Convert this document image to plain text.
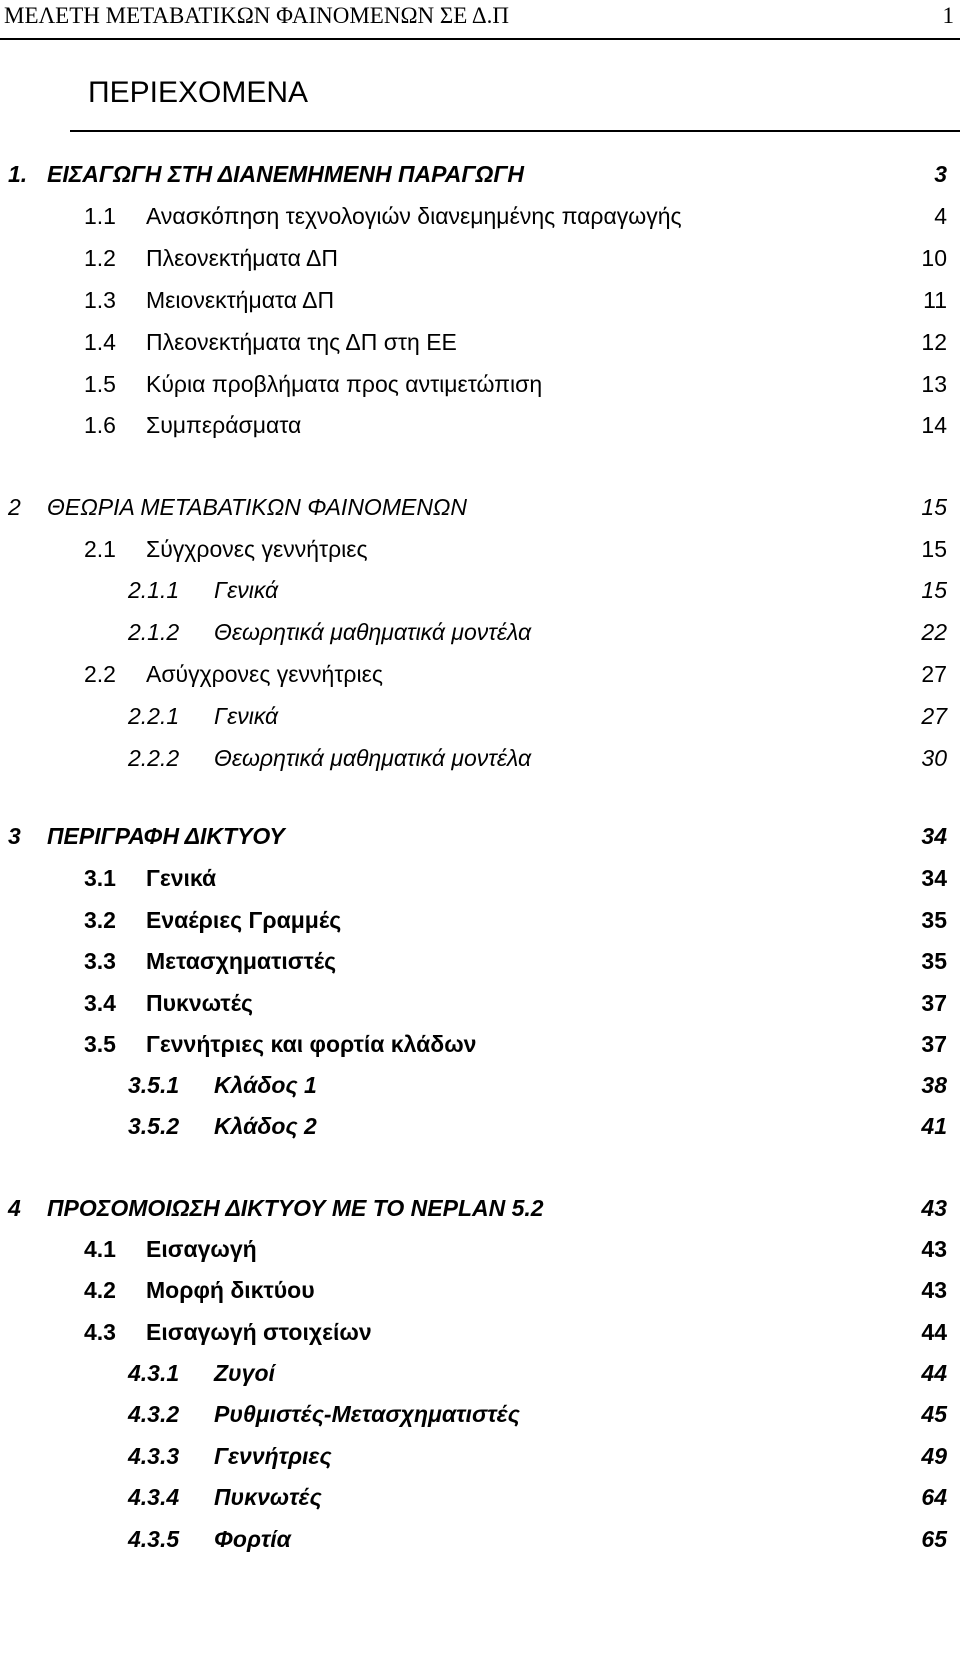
ΜΕΛΕΤΗ ΜΕΤΑΒΑΤΙΚΩΝ ΦΑΙΝΟΜΕΝΩΝ ΣΕ Δ.Π	1
ΠΕΡΙΕΧΟΜΕΝΑ
1. ΕΙΣΑΓΩΓΗ ΣΤΗ ΔΙΑΝΕΜΗΜΕΝΗ ΠΑΡΑΓΩΓΗ	3
1.1 Ανασκόπηση τεχνολογιών διανεμημένης παραγωγής	4
1.2 Πλεονεκτήματα ΔΠ	10
1.3 Μειονεκτήματα ΔΠ	11
1.4 Πλεονεκτήματα της ΔΠ στη ΕΕ	12
1.5 Κύρια προβλήματα προς αντιμετώπιση	13
1.6 Συμπεράσματα	14
2 ΘΕΩΡΙΑ ΜΕΤΑΒΑΤΙΚΩΝ ΦΑΙΝΟΜΕΝΩΝ	15
2.1 Σύγχρονες γεννήτριες	15
2.1.1 Γενικά	15
2.1.2 Θεωρητικά μαθηματικά μοντέλα	22
2.2 Ασύγχρονες γεννήτριες	27
2.2.1 Γενικά	27
2.2.2 Θεωρητικά μαθηματικά μοντέλα	30
3 ΠΕΡΙΓΡΑΦΗ ΔΙΚΤΥΟΥ	34
3.1 Γενικά	34
3.2 Εναέριες Γραμμές	35
3.3 Μετασχηματιστές	35
3.4 Πυκνωτές	37
3.5 Γεννήτριες και φορτία κλάδων	37
3.5.1 Κλάδος 1	38
3.5.2 Κλάδος 2	41
4 ΠΡΟΣΟΜΟΙΩΣΗ ΔΙΚΤΥΟΥ ΜΕ ΤΟ NEPLAN 5.2	43
4.1 Εισαγωγή	43
4.2 Μορφή δικτύου	43
4.3 Εισαγωγή στοιχείων	44
4.3.1 Ζυγοί	44
4.3.2 Ρυθμιστές-Μετασχηματιστές	45
4.3.3 Γεννήτριες	49
4.3.4 Πυκνωτές	64
4.3.5 Φορτία	65
